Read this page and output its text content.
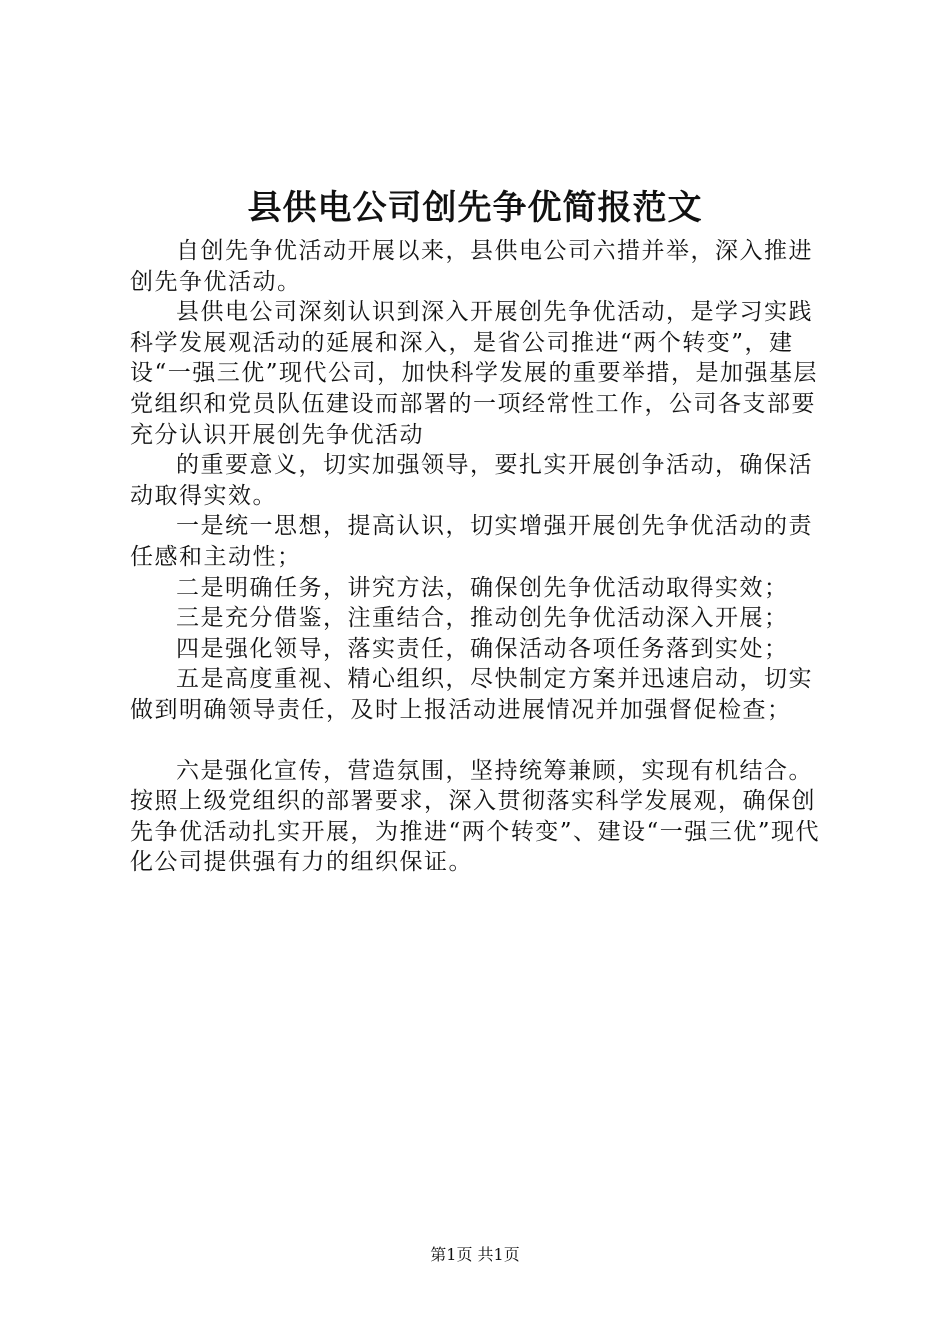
县供电公司创先争优简报范文

自创先争优活动开展以来，县供电公司六措并举，深入推进创先争优活动。

县供电公司深刻认识到深入开展创先争优活动，是学习实践科学发展观活动的延展和深入，是省公司推进“两个转变”，建设“一强三优”现代公司，加快科学发展的重要举措，是加强基层党组织和党员队伍建设而部署的一项经常性工作，公司各支部要充分认识开展创先争优活动

的重要意义，切实加强领导，要扎实开展创争活动，确保活动取得实效。

一是统一思想，提高认识，切实增强开展创先争优活动的责任感和主动性；

二是明确任务，讲究方法，确保创先争优活动取得实效；

三是充分借鉴，注重结合，推动创先争优活动深入开展；

四是强化领导，落实责任，确保活动各项任务落到实处；

五是高度重视、精心组织，尽快制定方案并迅速启动，切实做到明确领导责任，及时上报活动进展情况并加强督促检查；

六是强化宣传，营造氛围，坚持统筹兼顾，实现有机结合。按照上级党组织的部署要求，深入贯彻落实科学发展观，确保创先争优活动扎实开展，为推进“两个转变”、建设“一强三优”现代化公司提供强有力的组织保证。

第1页 共1页
